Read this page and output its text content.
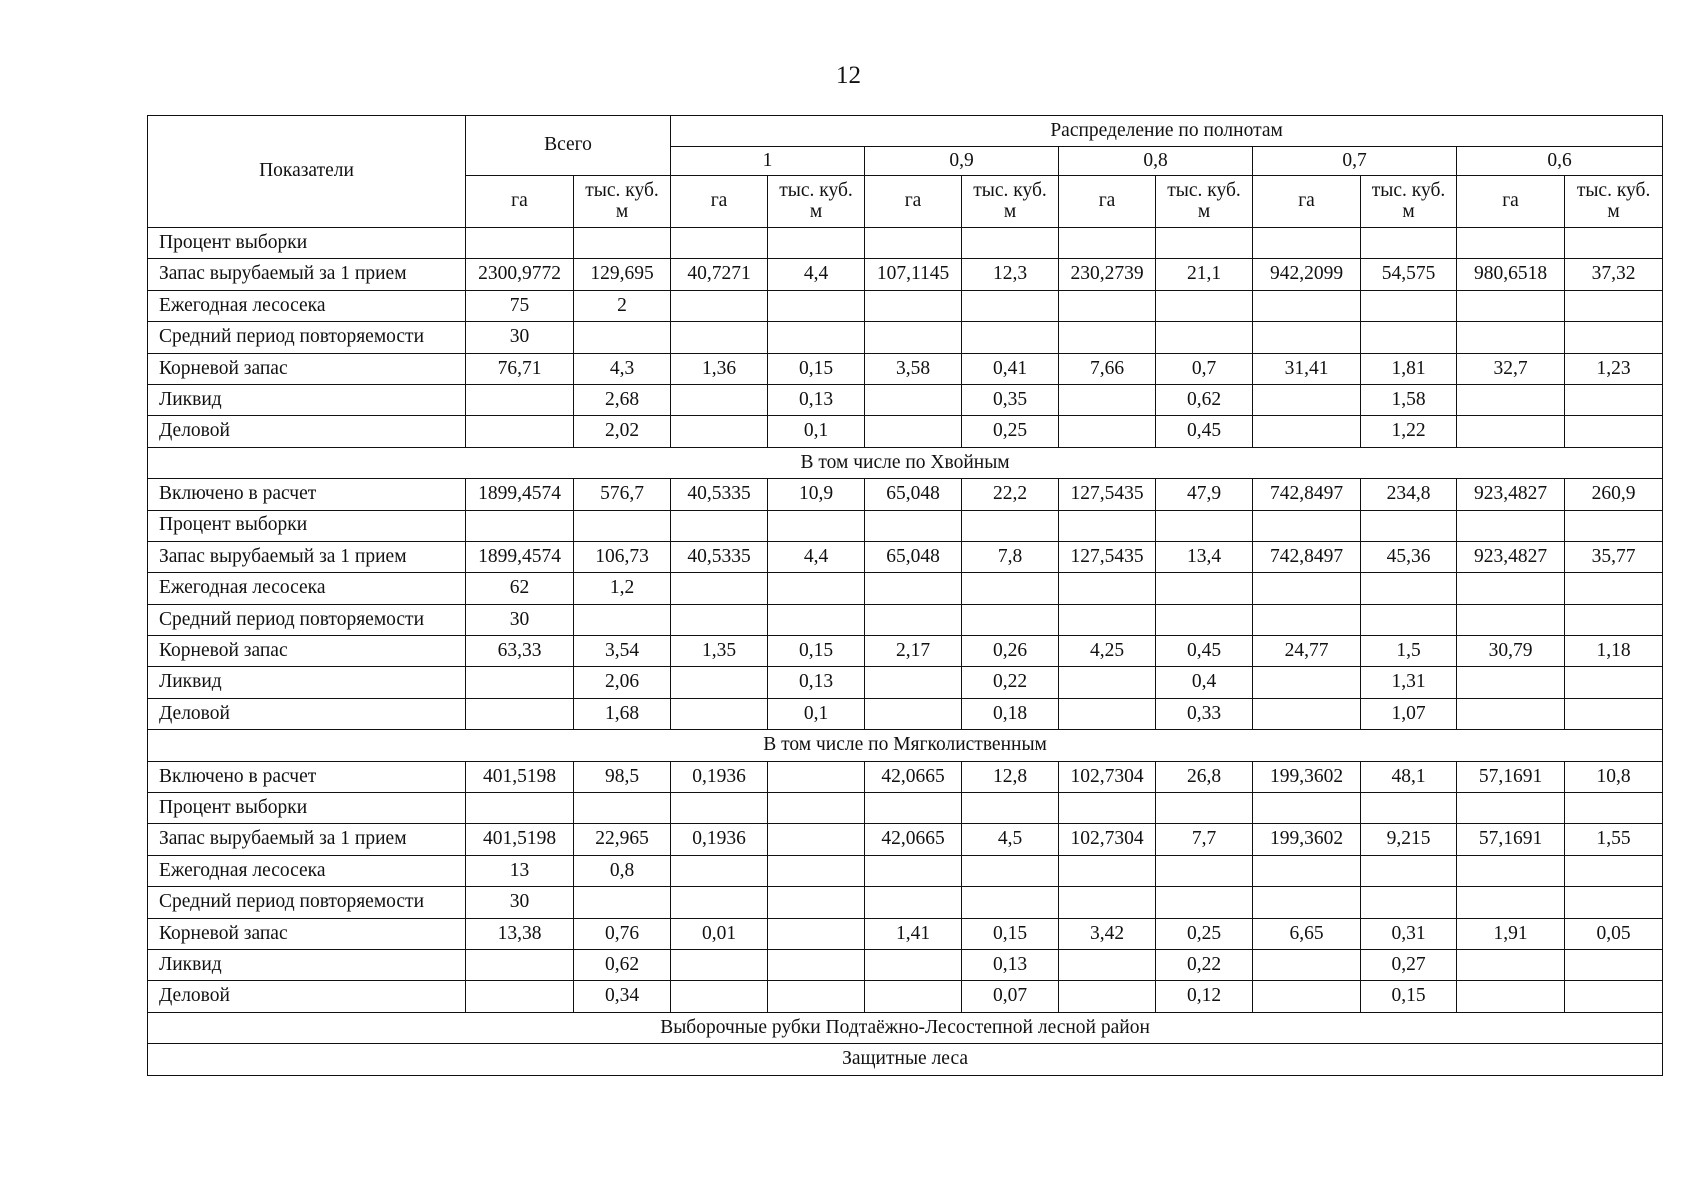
12
Показатели	Всего		Распределение по полнотам									
			1		0,9		0,8		0,7		0,6	
	га	тыс. куб. м	га	тыс. куб. м	га	тыс. куб. м	га	тыс. куб. м	га	тыс. куб. м	га	тыс. куб. м
Процент выборки												
Запас вырубаемый за 1 прием	2300,9772	129,695	40,7271	4,4	107,1145	12,3	230,2739	21,1	942,2099	54,575	980,6518	37,32
Ежегодная лесосека	75	2										
Средний период повторяемости	30											
Корневой запас	76,71	4,3	1,36	0,15	3,58	0,41	7,66	0,7	31,41	1,81	32,7	1,23
Ликвид		2,68		0,13		0,35		0,62		1,58		
Деловой		2,02		0,1		0,25		0,45		1,22		
В том числе по Хвойным												
Включено в расчет	1899,4574	576,7	40,5335	10,9	65,048	22,2	127,5435	47,9	742,8497	234,8	923,4827	260,9
Процент выборки												
Запас вырубаемый за 1 прием	1899,4574	106,73	40,5335	4,4	65,048	7,8	127,5435	13,4	742,8497	45,36	923,4827	35,77
Ежегодная лесосека	62	1,2										
Средний период повторяемости	30											
Корневой запас	63,33	3,54	1,35	0,15	2,17	0,26	4,25	0,45	24,77	1,5	30,79	1,18
Ликвид		2,06		0,13		0,22		0,4		1,31		
Деловой		1,68		0,1		0,18		0,33		1,07		
В том числе по Мягколиственным												
Включено в расчет	401,5198	98,5	0,1936		42,0665	12,8	102,7304	26,8	199,3602	48,1	57,1691	10,8
Процент выборки												
Запас вырубаемый за 1 прием	401,5198	22,965	0,1936		42,0665	4,5	102,7304	7,7	199,3602	9,215	57,1691	1,55
Ежегодная лесосека	13	0,8										
Средний период повторяемости	30											
Корневой запас	13,38	0,76	0,01		1,41	0,15	3,42	0,25	6,65	0,31	1,91	0,05
Ликвид		0,62				0,13		0,22		0,27		
Деловой		0,34				0,07		0,12		0,15		
Выборочные рубки Подтаёжно-Лесостепной лесной район												
Защитные леса												
